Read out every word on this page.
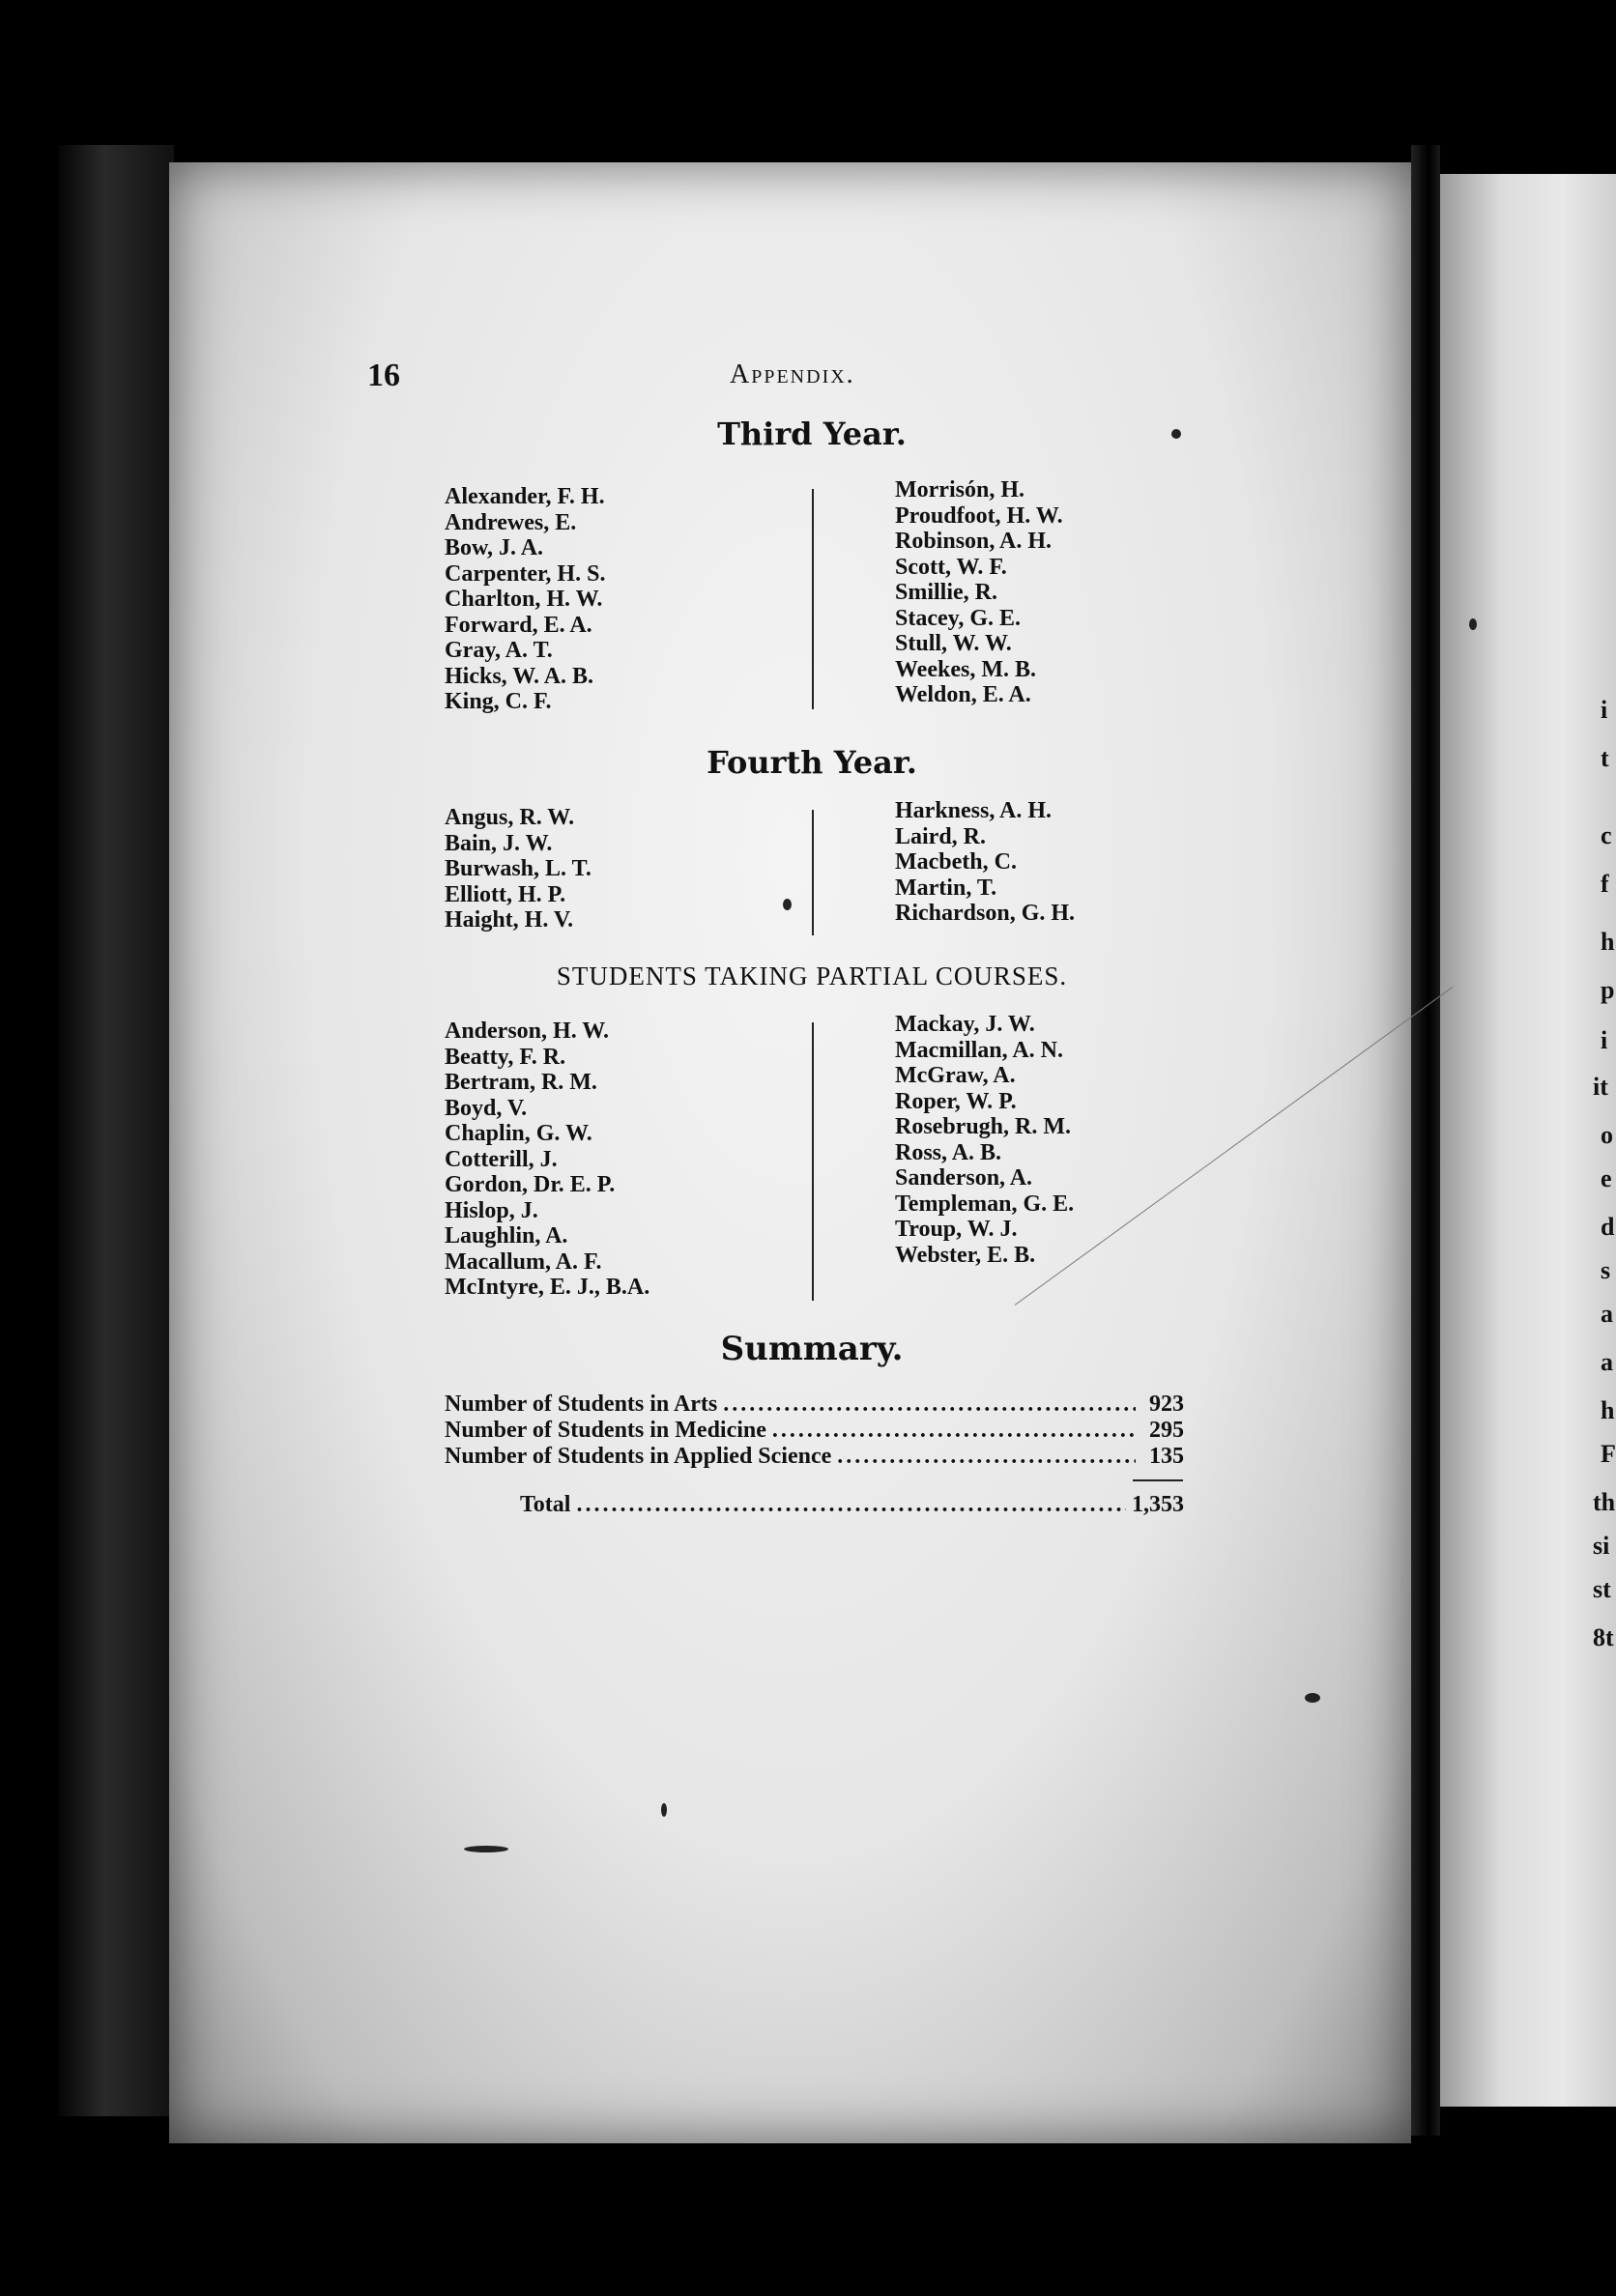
i
t
c
f
h
p
i
it
o
e
d
s
a
a
h
F
th
si
st
8t
16	Appendix.
Third Year.
Alexander, F. H.
Andrewes, E.
Bow, J. A.
Carpenter, H. S.
Charlton, H. W.
Forward, E. A.
Gray, A. T.
Hicks, W. A. B.
King, C. F.
Morrisón, H.
Proudfoot, H. W.
Robinson, A. H.
Scott, W. F.
Smillie, R.
Stacey, G. E.
Stull, W. W.
Weekes, M. B.
Weldon, E. A.
Fourth Year.
Angus, R. W.
Bain, J. W.
Burwash, L. T.
Elliott, H. P.
Haight, H. V.
Harkness, A. H.
Laird, R.
Macbeth, C.
Martin, T.
Richardson, G. H.
STUDENTS TAKING PARTIAL COURSES.
Anderson, H. W.
Beatty, F. R.
Bertram, R. M.
Boyd, V.
Chaplin, G. W.
Cotterill, J.
Gordon, Dr. E. P.
Hislop, J.
Laughlin, A.
Macallum, A. F.
McIntyre, E. J., B.A.
Mackay, J. W.
Macmillan, A. N.
McGraw, A.
Roper, W. P.
Rosebrugh, R. M.
Ross, A. B.
Sanderson, A.
Templeman, G. E.
Troup, W. J.
Webster, E. B.
Summary.
Number of Students in Arts .....	923
Number of Students in Medicine .....	295
Number of Students in Applied Science .....	135
Total .....	1,353
